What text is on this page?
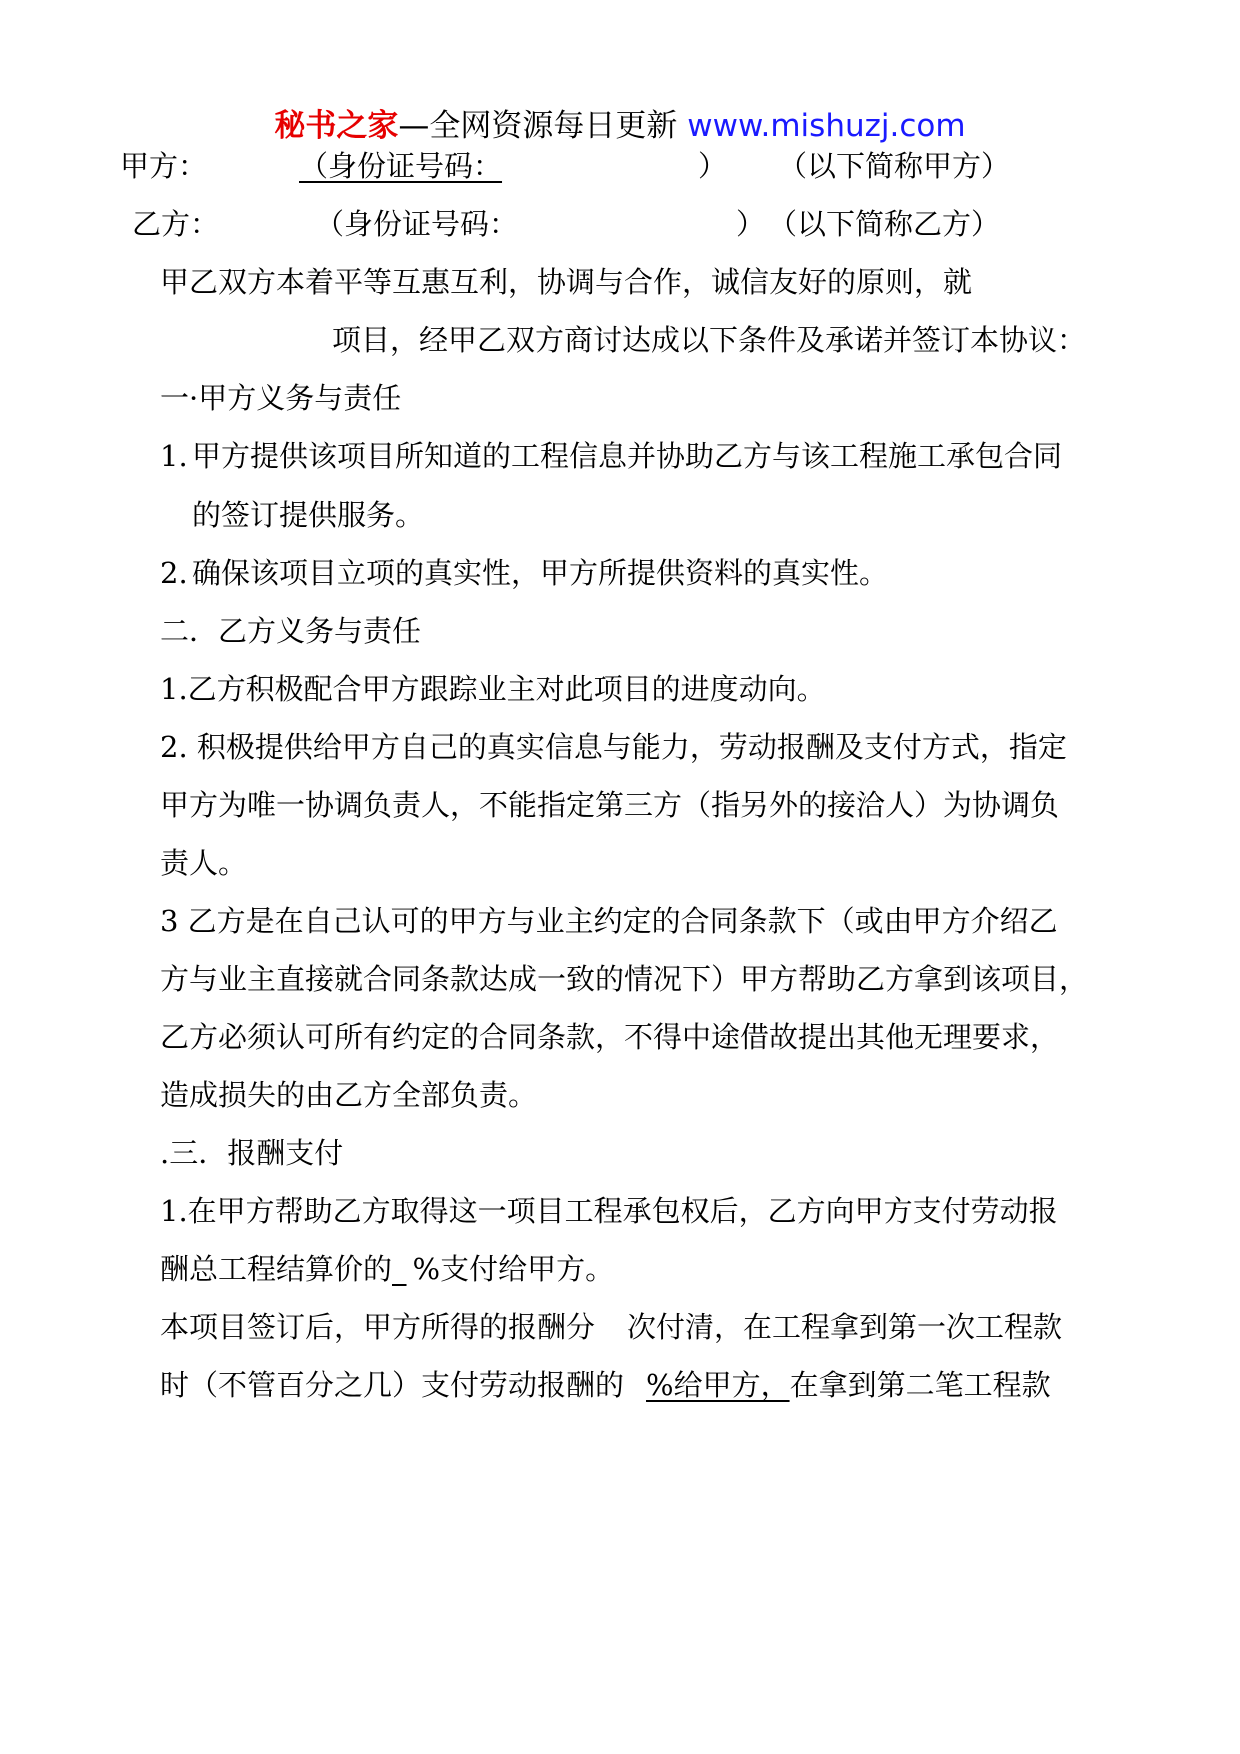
秘书之家—全网资源每日更新 www.mishuzj.com
甲方：	（身份证号码：	） （以下简称甲方）
乙方：	（身份证号码：	） （以下简称乙方）
甲乙双方本着平等互惠互利，协调与合作，诚信友好的原则，就
项目，经甲乙双方商讨达成以下条件及承诺并签订本协议：
一·甲方义务与责任
1. 甲方提供该项目所知道的工程信息并协助乙方与该工程施工承包合同
的签订提供服务。
2. 确保该项目立项的真实性，甲方所提供资料的真实性。
二．乙方义务与责任
1.乙方积极配合甲方跟踪业主对此项目的进度动向。
2. 积极提供给甲方自己的真实信息与能力，劳动报酬及支付方式，指定
甲方为唯一协调负责人，不能指定第三方（指另外的接洽人）为协调负
责人。
3 乙方是在自己认可的甲方与业主约定的合同条款下（或由甲方介绍乙
方与业主直接就合同条款达成一致的情况下）甲方帮助乙方拿到该项目，
乙方必须认可所有约定的合同条款，不得中途借故提出其他无理要求，
造成损失的由乙方全部负责。
.三．报酬支付
1.在甲方帮助乙方取得这一项目工程承包权后，乙方向甲方支付劳动报
酬总工程结算价的_ %支付给甲方。
本项目签订后，甲方所得的报酬分 次付清，在工程拿到第一次工程款
时（不管百分之几）支付劳动报酬的 %给甲方，在拿到第二笔工程款
